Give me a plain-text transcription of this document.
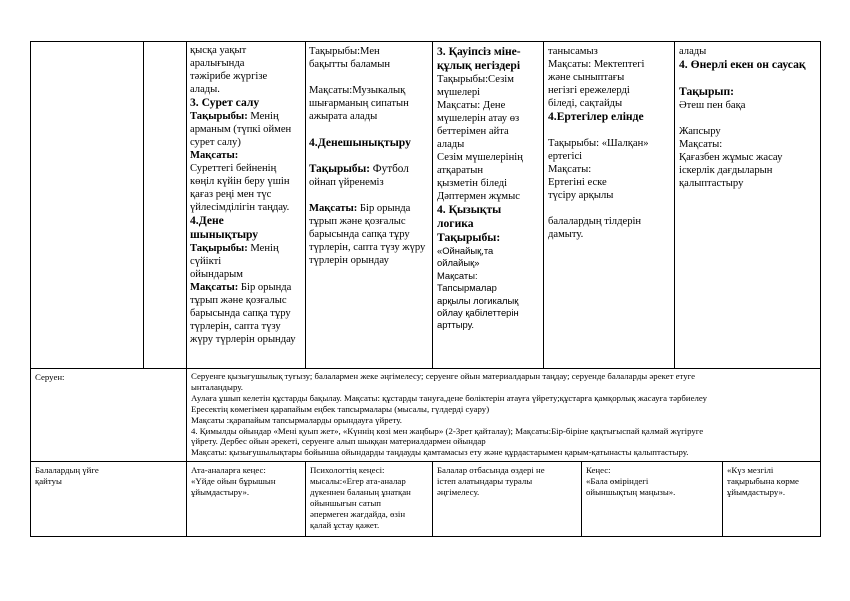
қысқа уақыт
аралығында
тәжірибе жүргізе
алады.
3. Сурет салу
Тақырыбы: Менің
арманым (түпкі оймен
сурет салу)
Мақсаты:
Суреттегі бейненің
көңіл күйін беру үшін
қағаз реңі мен түс
үйлесімділігін таңдау.
4.Дене
шынықтыру
Тақырыбы: Менің
сүйікті
ойындарым
Мақсаты: Бір орында
тұрып және қозғалыс
барысында сапқа тұру
түрлерін, сапта түзу
жүру түрлерін орындау
Тақырыбы:Мен
бақытты баламын

Мақсаты:Музыкалық
шығарманың сипатын
ажырата алады

4.Денешынықтыру

Тақырыбы: Футбол
ойнап үйренеміз

Мақсаты: Бір орында
тұрып және қозғалыс
барысында сапқа тұру
түрлерін, сапта түзу жүру
түрлерін орындау
3. Қауіпсіз міне-
құлық негіздері
Тақырыбы:Сезім
мүшелері
Мақсаты: Дене
мүшелерін атау өз
беттерімен айта
алады
Сезім мүшелерінің
атқаратын
қызметін біледі
Дәптермен жұмыс
4. Қызықты
логика
Тақырыбы:
«Ойнайық,та
ойлайық»
Мақсаты:
Тапсырмалар
арқылы логикалық
ойлау қабілеттерін
арттыру.
танысамыз
Мақсаты: Мектептегі
және сыныптағы
негізгі ережелерді
біледі, сақтайды
4.Ертегілер елінде

Тақырыбы: «Шалқан»
ертегісі
Мақсаты:
Ертегіні еске
түсіру арқылы

балалардың тілдерін
дамыту.
алады
4. Өнерлі екен он саусақ

Тақырып:
Әтеш пен бақа

Жапсыру
Мақсаты:
Қағазбен жұмыс жасау
іскерлік дағдыларын
қалыптастыру
Серуен:	Серуенге қызығушылық туғызу; балалармен жеке әңгімелесу; серуенге ойын материалдарын таңдау; серуенде балаларды әрекет етуге
ынталандыру.
Аулаға ұшып келетін құстарды бақылау. Мақсаты: құстарды тануға,дене бөліктерін атауға үйрету;құстарға қамқорлық жасауға тәрбиелеу
Ересектің көмегімен қарапайым еңбек тапсырмалары (мысалы, гүлдерді суару)
Мақсаты :қарапайым тапсырмаларды орындауға үйрету.
4. Қимылды ойындар «Мені қуып жет», «Күннің көзі мен жаңбыр» (2-3рет қайталау); Мақсаты:Бір-біріне қақтығыспай қалмай жүгіруге
үйрету. Дербес ойын әрекеті, серуенге алып шыққан материалдармен ойындар
Мақсаты: қызығушылықтары бойынша ойындарды таңдауды қамтамасыз ету және құрдастарымен қарым-қатынасты қалыптастыру.
Балалардың үйге
қайтуы
Ата-аналарға кеңес:
«Үйде ойын бұрышын
ұйымдастыру».
Психологтің кеңесі:
мысалы:«Егер ата-аналар
дүкеннен баланың ұнатқан
ойыншығын сатып
әпермеген жағдайда, өзін
қалай ұстау қажет.
Балалар отбасында өздері не
істеп алатындары туралы
әңгімелесу.
Кеңес:
«Бала өміріндегі
ойыншықтың маңызы».
«Күз мезгілі
тақырыбына көрме
ұйымдастыру».
